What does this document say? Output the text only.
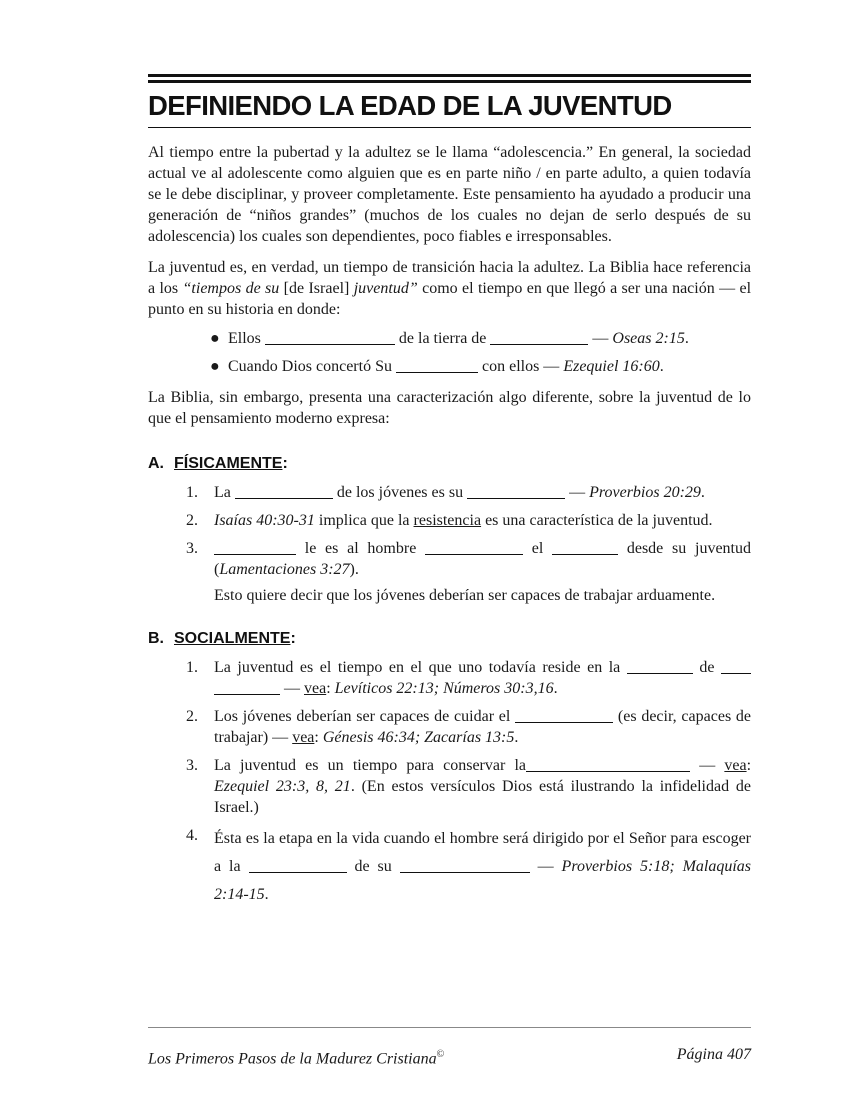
DEFINIENDO LA EDAD DE LA JUVENTUD

Al tiempo entre la pubertad y la adultez se le llama “adolescencia.” En general, la sociedad actual ve al adolescente como alguien que es en parte niño / en parte adulto, a quien todavía se le debe disciplinar, y proveer completamente. Este pensamiento ha ayudado a producir una generación de “niños grandes” (muchos de los cuales no dejan de serlo después de su adolescencia) los cuales son dependientes, poco fiables e irresponsables.

La juventud es, en verdad, un tiempo de transición hacia la adultez. La Biblia hace referencia a los “tiempos de su [de Israel] juventud” como el tiempo en que llegó a ser una nación — el punto en su historia en donde:

● Ellos	de la tierra de	— Oseas 2:15.
● Cuando Dios concertó Su	con ellos — Ezequiel 16:60.

La Biblia, sin embargo, presenta una caracterización algo diferente, sobre la juventud de lo que el pensamiento moderno expresa:

A. FÍSICAMENTE:
1.	La	de los jóvenes es su	— Proverbios 20:29.
2.	Isaías 40:30-31 implica que la resistencia es una característica de la juventud.
3.	le es al hombre	el	desde su juventud (Lamentaciones 3:27).
Esto quiere decir que los jóvenes deberían ser capaces de trabajar arduamente.
B. SOCIALMENTE:
1.	La juventud es el tiempo en el que uno todavía reside en la	de   — vea: Levíticos 22:13; Números 30:3,16.
2.	Los jóvenes deberían ser capaces de cuidar el	(es decir, capaces de trabajar) — vea: Génesis 46:34; Zacarías 13:5.
3.	La juventud es un tiempo para conservar la	— vea: Ezequiel 23:3, 8, 21. (En estos versículos Dios está ilustrando la infidelidad de Israel.)
4.	Ésta es la etapa en la vida cuando el hombre será dirigido por el Señor para escoger a la	de su	— Proverbios 5:18; Malaquías 2:14-15.
Los Primeros Pasos de la Madurez Cristiana©	Página 407
